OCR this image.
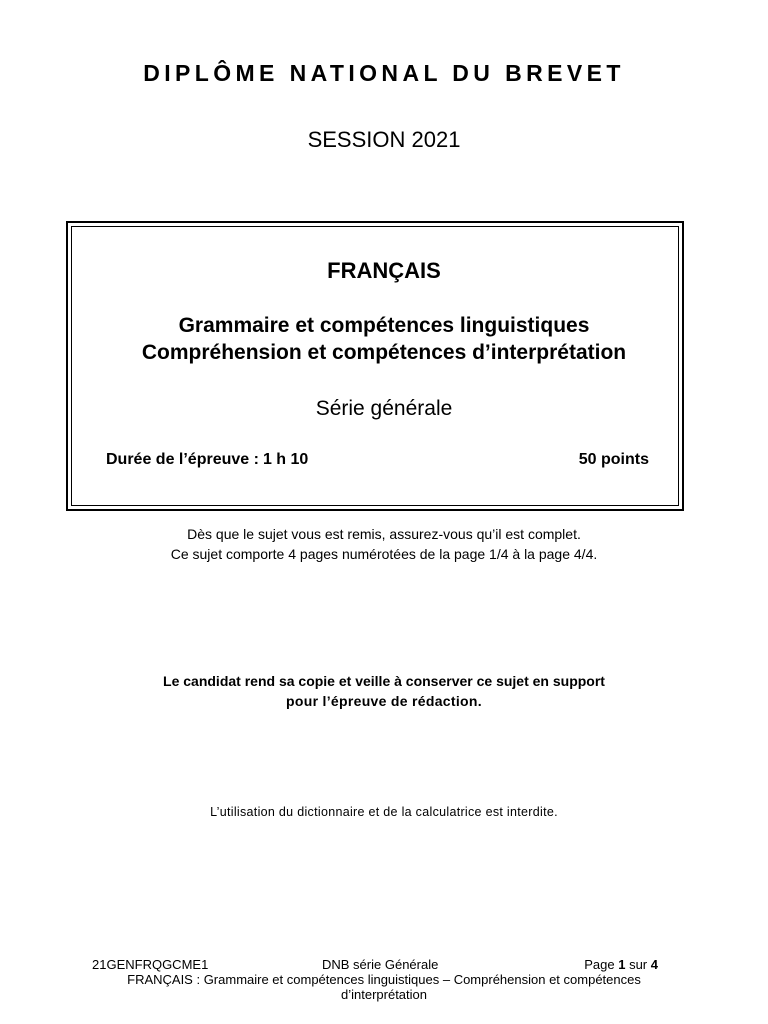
DIPLÔME NATIONAL DU BREVET
SESSION 2021
FRANÇAIS
Grammaire et compétences linguistiques
Compréhension et compétences d’interprétation
Série générale
Durée de l’épreuve : 1 h 10	50 points
Dès que le sujet vous est remis, assurez-vous qu’il est complet.
Ce sujet comporte 4 pages numérotées de la page 1/4 à la page 4/4.
Le candidat rend sa copie et veille à conserver ce sujet en support
pour l’épreuve de rédaction.
L’utilisation du dictionnaire et de la calculatrice est interdite.
21GENFRQGCME1	DNB série Générale	Page 1 sur 4
FRANÇAIS : Grammaire et compétences linguistiques – Compréhension et compétences
d’interprétation
